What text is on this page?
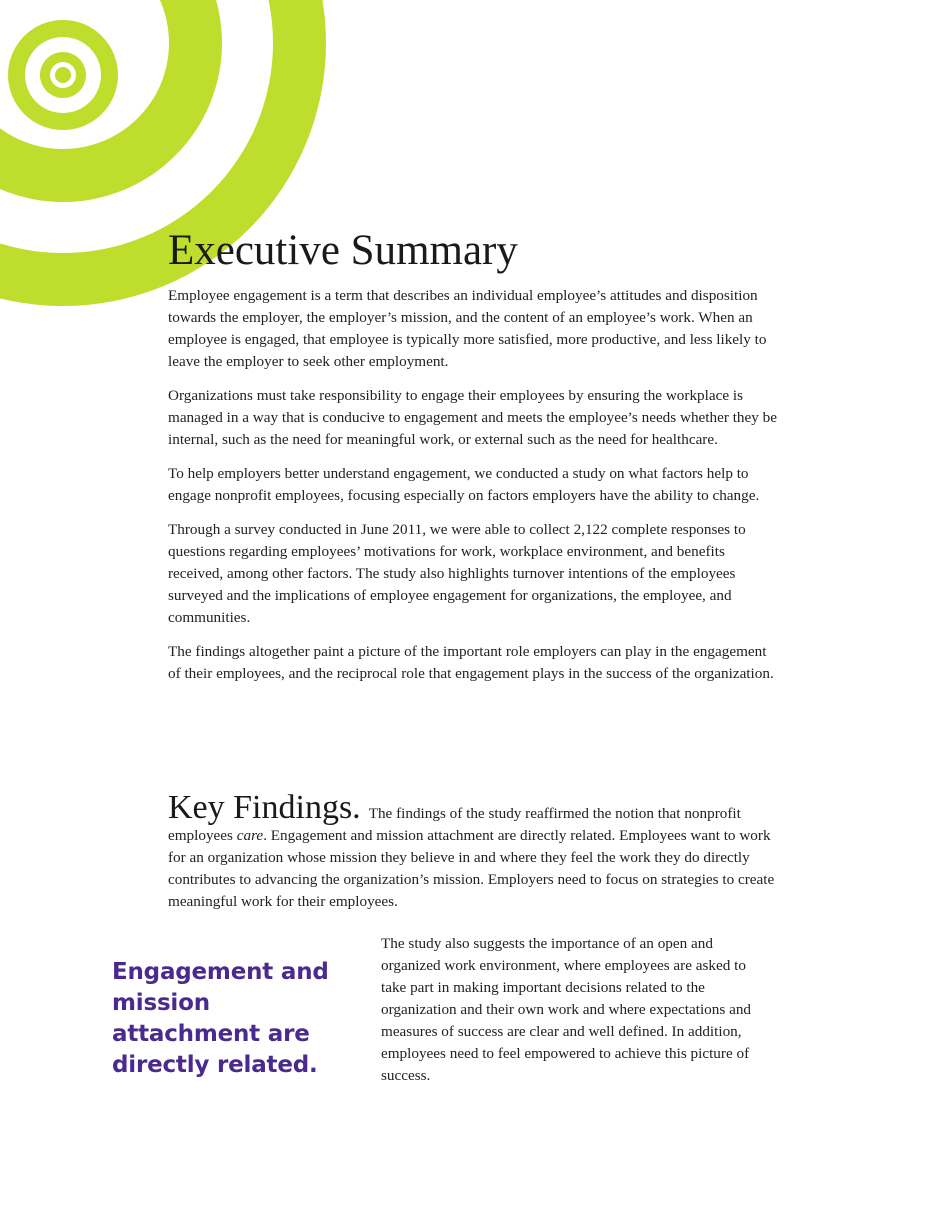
Executive Summary

Employee engagement is a term that describes an individual employee’s attitudes and disposition towards the employer, the employer’s mission, and the content of an employee’s work. When an employee is engaged, that employee is typically more satisfied, more productive, and less likely to leave the employer to seek other employment.

Organizations must take responsibility to engage their employees by ensuring the workplace is managed in a way that is conducive to engagement and meets the employee’s needs whether they be internal, such as the need for meaningful work, or external such as the need for healthcare.

To help employers better understand engagement, we conducted a study on what factors help to engage nonprofit employees, focusing especially on factors employers have the ability to change.

Through a survey conducted in June 2011, we were able to collect 2,122 complete responses to questions regarding employees’ motivations for work, workplace environment, and benefits received, among other factors. The study also highlights turnover intentions of the employees surveyed and the implications of employee engagement for organizations, the employee, and communities.

The findings altogether paint a picture of the important role employers can play in the engagement of their employees, and the reciprocal role that engagement plays in the success of the organization.

Key Findings. The findings of the study reaffirmed the notion that nonprofit employees care. Engagement and mission attachment are directly related. Employees want to work for an organization whose mission they believe in and where they feel the work they do directly contributes to advancing the organization’s mission. Employers need to focus on strategies to create meaningful work for their employees.

The study also suggests the importance of an open and organized work environment, where employees are asked to take part in making important decisions related to the organization and their own work and where expectations and measures of success are clear and well defined. In addition, employees need to feel empowered to achieve this picture of success.

Engagement and mission attachment are directly related.
